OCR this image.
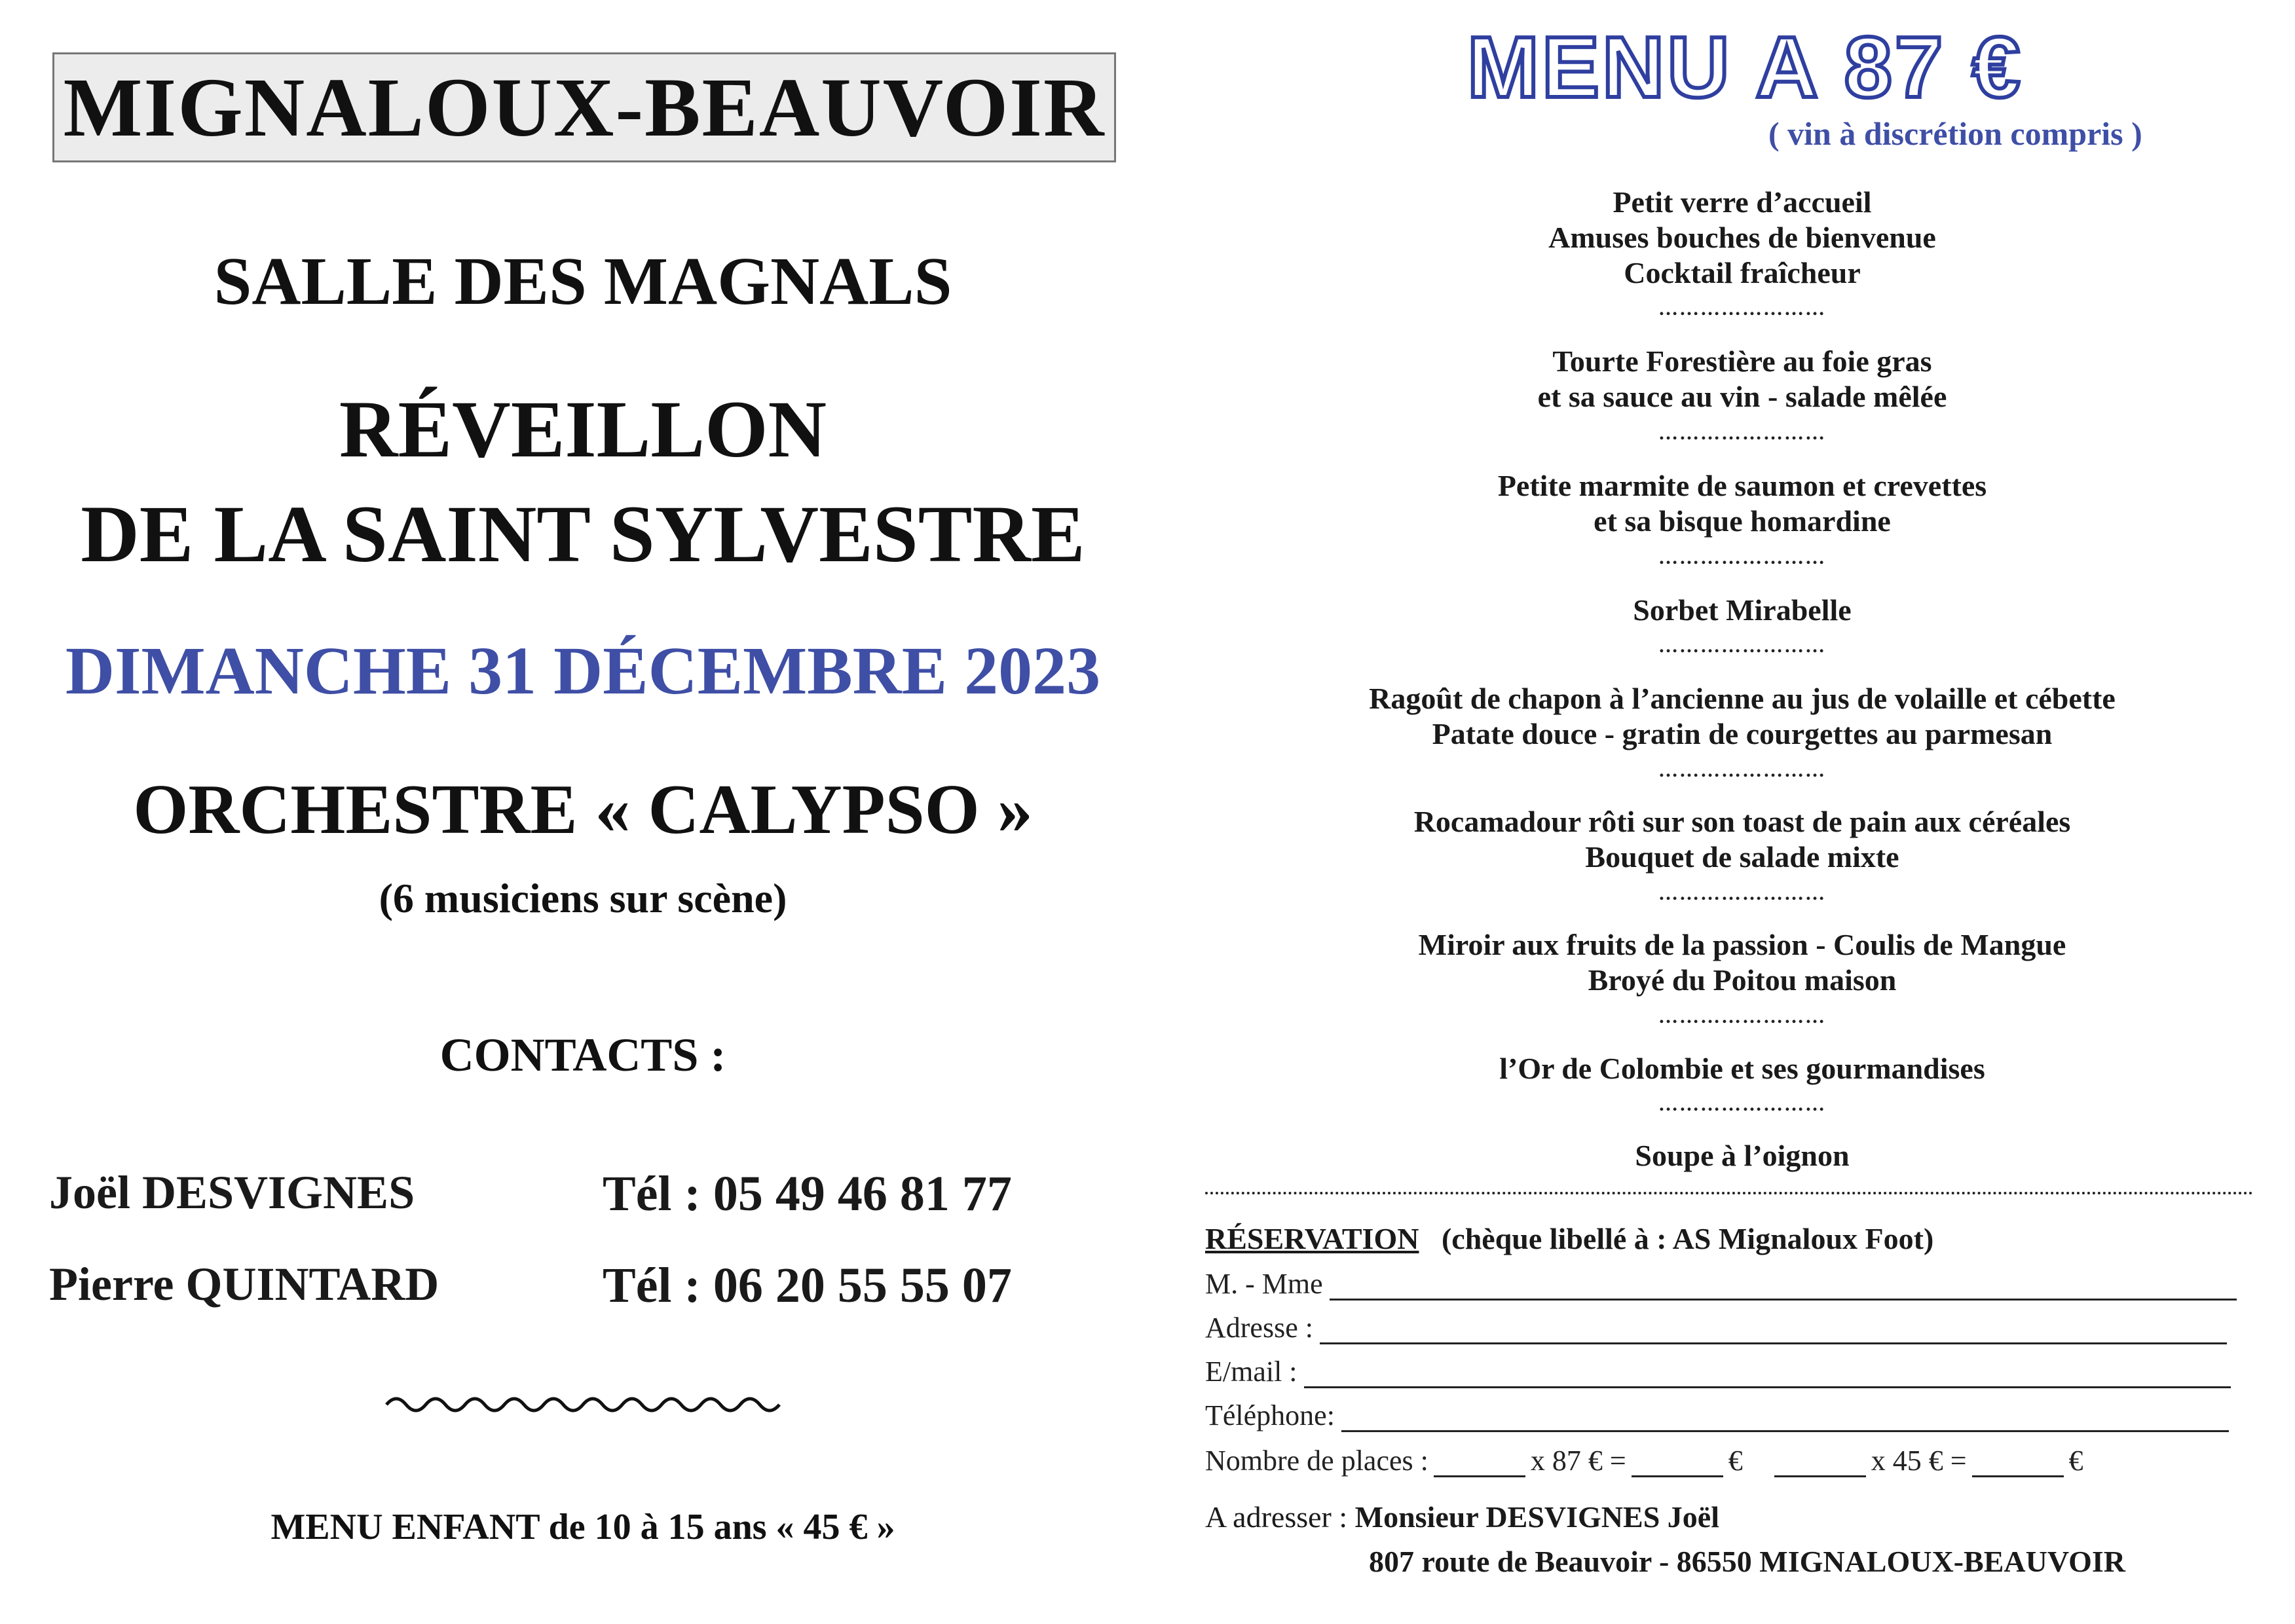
MIGNALOUX-BEAUVOIR
SALLE DES MAGNALS
RÉVEILLON
DE LA SAINT SYLVESTRE
DIMANCHE 31 DÉCEMBRE 2023
ORCHESTRE « CALYPSO »
(6 musiciens sur scène)
CONTACTS :
Joël DESVIGNES	Tél : 05 49 46 81 77
Pierre QUINTARD	Tél : 06 20 55 55 07
MENU ENFANT de 10 à 15 ans « 45 € »
MENU A 87 €
( vin à discrétion compris )
Petit verre d’accueil
Amuses bouches de bienvenue
Cocktail fraîcheur
……………………
Tourte Forestière au foie gras
et sa sauce au vin - salade mêlée
……………………
Petite marmite de saumon et crevettes
et sa bisque homardine
……………………
Sorbet Mirabelle
……………………
Ragoût de chapon à l’ancienne au jus de volaille et cébette
Patate douce - gratin de courgettes au parmesan
……………………
Rocamadour rôti sur son toast de pain aux céréales
Bouquet de salade mixte
……………………
Miroir aux fruits de la passion - Coulis de Mangue
Broyé du Poitou maison
……………………
l’Or de Colombie et ses gourmandises
……………………
Soupe à l’oignon
RÉSERVATION (chèque libellé à : AS Mignaloux Foot)
M. - Mme
Adresse :
E/mail :
Téléphone:
Nombre de places :	x 87 € =	€	x 45 € =	€
A adresser : Monsieur DESVIGNES Joël
807 route de Beauvoir - 86550 MIGNALOUX-BEAUVOIR
